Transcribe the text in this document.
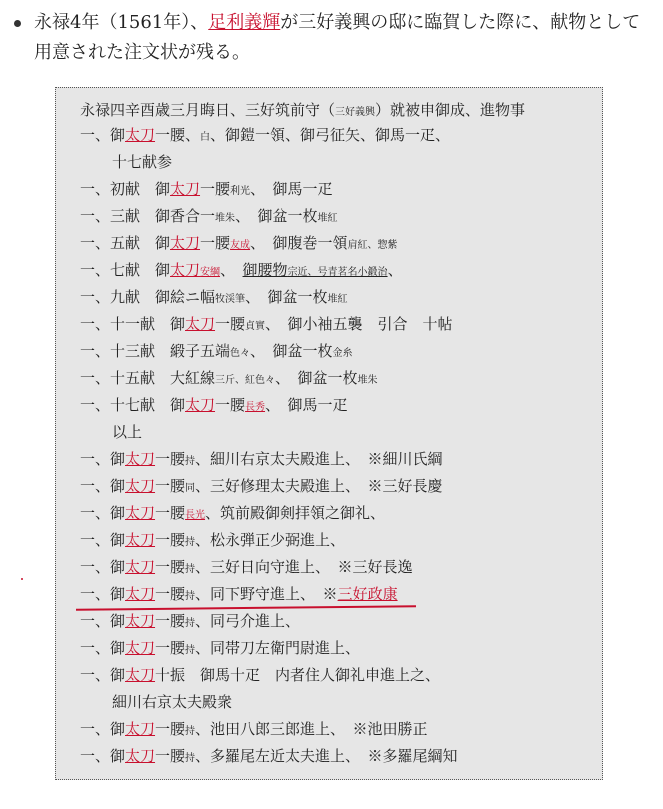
永禄4年（1561年）、足利義輝が三好義興の邸に臨賀した際に、献物として用意された注文状が残る。
永禄四辛酉歳三月晦日、三好筑前守（三好義興）就被申御成、進物事
一、御太刀一腰、白、御鎧一領、御弓征矢、御馬一疋、
十七献参
一、初献　御太刀一腰利光、　御馬一疋
一、三献　御香合一堆朱、　御盆一枚堆紅
一、五献　御太刀一腰友成、　御腹巻一領肩紅、惣紫
一、七献　御太刀安綱、　御腰物宗近、号青茗名小鍛治、
一、九献　御絵ニ幅牧渓筆、　御盆一枚堆紅
一、十一献　御太刀一腰貞實、　御小袖五襲　引合　十帖
一、十三献　緞子五端色々、　御盆一枚金糸
一、十五献　大紅線三斤、紅色々、　御盆一枚堆朱
一、十七献　御太刀一腰長秀、　御馬一疋
以上
一、御太刀一腰持、細川右京太夫殿進上、　※細川氏綱
一、御太刀一腰同、三好修理太夫殿進上、　※三好長慶
一、御太刀一腰長光、筑前殿御剣拝領之御礼、
一、御太刀一腰持、松永弾正少弼進上、
一、御太刀一腰持、三好日向守進上、　※三好長逸
一、御太刀一腰持、同下野守進上、　※三好政康
一、御太刀一腰持、同弓介進上、
一、御太刀一腰持、同帯刀左衛門尉進上、
一、御太刀十振　御馬十疋　内者住人御礼申進上之、
細川右京太夫殿衆
一、御太刀一腰持、池田八郎三郎進上、　※池田勝正
一、御太刀一腰持、多羅尾左近太夫進上、　※多羅尾綱知
